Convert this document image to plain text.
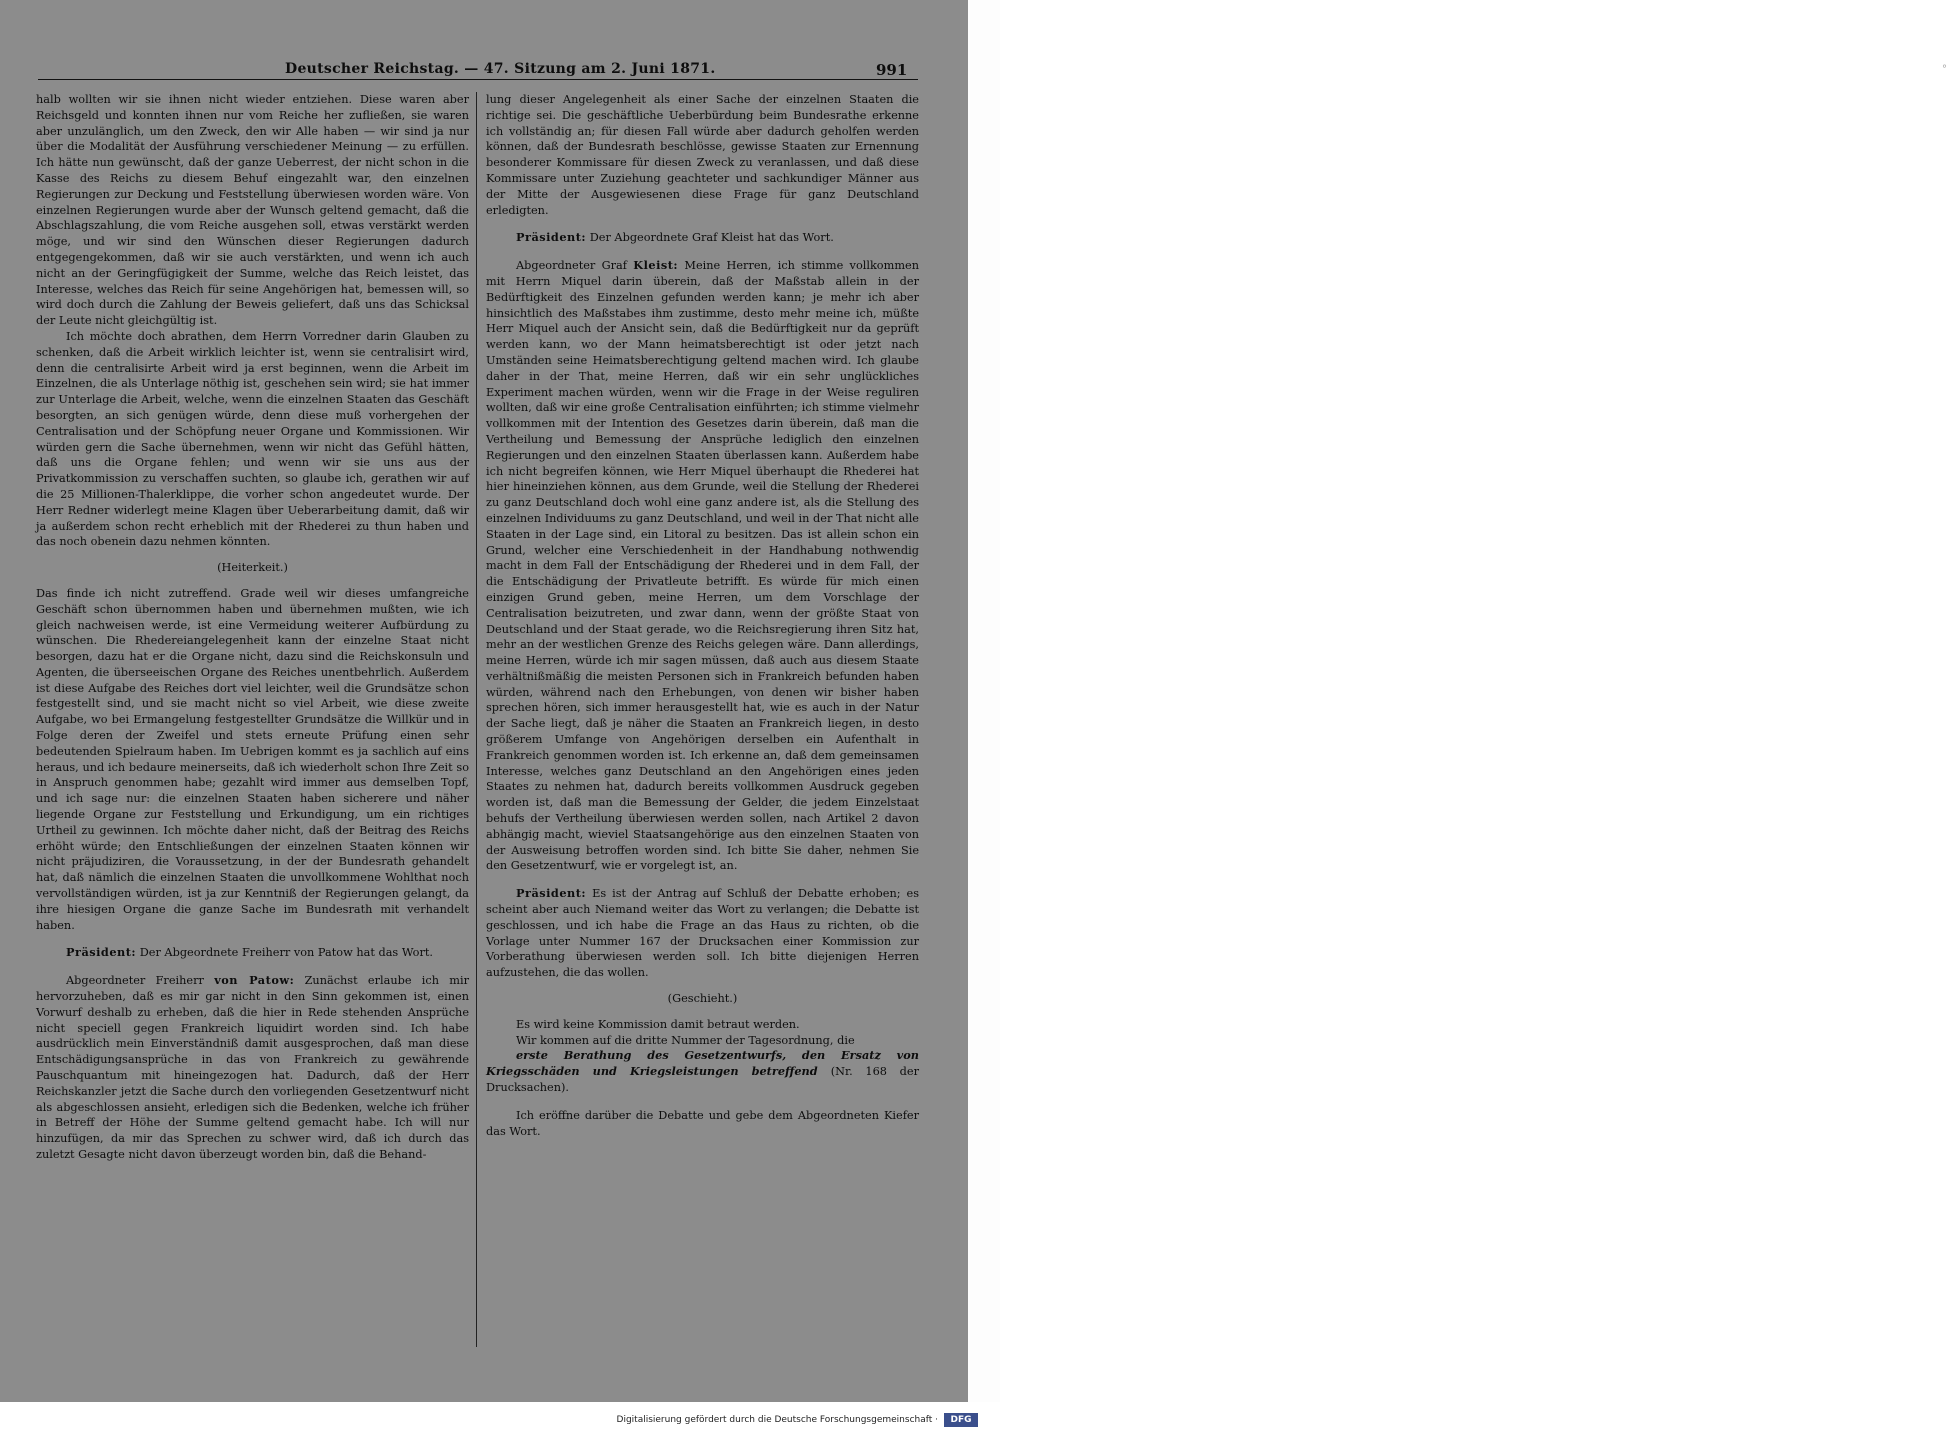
Deutscher Reichstag. — 47. Sitzung am 2. Juni 1871.	991

halb wollten wir sie ihnen nicht wieder entziehen. Diese waren aber Reichsgeld und konnten ihnen nur vom Reiche her zufließen, sie waren aber unzulänglich, um den Zweck, den wir Alle haben — wir sind ja nur über die Modalität der Ausführung verschiedener Meinung — zu erfüllen. Ich hätte nun gewünscht, daß der ganze Ueberrest, der nicht schon in die Kasse des Reichs zu diesem Behuf eingezahlt war, den einzelnen Regierungen zur Deckung und Feststellung überwiesen worden wäre. Von einzelnen Regierungen wurde aber der Wunsch geltend gemacht, daß die Abschlagszahlung, die vom Reiche ausgehen soll, etwas verstärkt werden möge, und wir sind den Wünschen dieser Regierungen dadurch entgegengekommen, daß wir sie auch verstärkten, und wenn ich auch nicht an der Geringfügigkeit der Summe, welche das Reich leistet, das Interesse, welches das Reich für seine Angehörigen hat, bemessen will, so wird doch durch die Zahlung der Beweis geliefert, daß uns das Schicksal der Leute nicht gleichgültig ist.

Ich möchte doch abrathen, dem Herrn Vorredner darin Glauben zu schenken, daß die Arbeit wirklich leichter ist, wenn sie centralisirt wird, denn die centralisirte Arbeit wird ja erst beginnen, wenn die Arbeit im Einzelnen, die als Unterlage nöthig ist, geschehen sein wird; sie hat immer zur Unterlage die Arbeit, welche, wenn die einzelnen Staaten das Geschäft besorgten, an sich genügen würde, denn diese muß vorhergehen der Centralisation und der Schöpfung neuer Organe und Kommissionen. Wir würden gern die Sache übernehmen, wenn wir nicht das Gefühl hätten, daß uns die Organe fehlen; und wenn wir sie uns aus der Privatkommission zu verschaffen suchten, so glaube ich, gerathen wir auf die 25 Millionen-Thalerklippe, die vorher schon angedeutet wurde. Der Herr Redner widerlegt meine Klagen über Ueberarbeitung damit, daß wir ja außerdem schon recht erheblich mit der Rhederei zu thun haben und das noch obenein dazu nehmen könnten.

(Heiterkeit.)

Das finde ich nicht zutreffend. Grade weil wir dieses umfangreiche Geschäft schon übernommen haben und übernehmen mußten, wie ich gleich nachweisen werde, ist eine Vermeidung weiterer Aufbürdung zu wünschen. Die Rhedereiangelegenheit kann der einzelne Staat nicht besorgen, dazu hat er die Organe nicht, dazu sind die Reichskonsuln und Agenten, die überseeischen Organe des Reiches unentbehrlich. Außerdem ist diese Aufgabe des Reiches dort viel leichter, weil die Grundsätze schon festgestellt sind, und sie macht nicht so viel Arbeit, wie diese zweite Aufgabe, wo bei Ermangelung festgestellter Grundsätze die Willkür und in Folge deren der Zweifel und stets erneute Prüfung einen sehr bedeutenden Spielraum haben. Im Uebrigen kommt es ja sachlich auf eins heraus, und ich bedaure meinerseits, daß ich wiederholt schon Ihre Zeit so in Anspruch genommen habe; gezahlt wird immer aus demselben Topf, und ich sage nur: die einzelnen Staaten haben sicherere und näher liegende Organe zur Feststellung und Erkundigung, um ein richtiges Urtheil zu gewinnen. Ich möchte daher nicht, daß der Beitrag des Reichs erhöht würde; den Entschließungen der einzelnen Staaten können wir nicht präjudiziren, die Voraussetzung, in der der Bundesrath gehandelt hat, daß nämlich die einzelnen Staaten die unvollkommene Wohlthat noch vervollständigen würden, ist ja zur Kenntniß der Regierungen gelangt, da ihre hiesigen Organe die ganze Sache im Bundesrath mit verhandelt haben.

Präsident: Der Abgeordnete Freiherr von Patow hat das Wort.

Abgeordneter Freiherr von Patow: Zunächst erlaube ich mir hervorzuheben, daß es mir gar nicht in den Sinn gekommen ist, einen Vorwurf deshalb zu erheben, daß die hier in Rede stehenden Ansprüche nicht speciell gegen Frankreich liquidirt worden sind. Ich habe ausdrücklich mein Einverständniß damit ausgesprochen, daß man diese Entschädigungsansprüche in das von Frankreich zu gewährende Pauschquantum mit hineingezogen hat. Dadurch, daß der Herr Reichskanzler jetzt die Sache durch den vorliegenden Gesetzentwurf nicht als abgeschlossen ansieht, erledigen sich die Bedenken, welche ich früher in Betreff der Höhe der Summe geltend gemacht habe. Ich will nur hinzufügen, da mir das Sprechen zu schwer wird, daß ich durch das zuletzt Gesagte nicht davon überzeugt worden bin, daß die Behand-

lung dieser Angelegenheit als einer Sache der einzelnen Staaten die richtige sei. Die geschäftliche Ueberbürdung beim Bundesrathe erkenne ich vollständig an; für diesen Fall würde aber dadurch geholfen werden können, daß der Bundesrath beschlösse, gewisse Staaten zur Ernennung besonderer Kommissare für diesen Zweck zu veranlassen, und daß diese Kommissare unter Zuziehung geachteter und sachkundiger Männer aus der Mitte der Ausgewiesenen diese Frage für ganz Deutschland erledigten.

Präsident: Der Abgeordnete Graf Kleist hat das Wort.

Abgeordneter Graf Kleist: Meine Herren, ich stimme vollkommen mit Herrn Miquel darin überein, daß der Maßstab allein in der Bedürftigkeit des Einzelnen gefunden werden kann; je mehr ich aber hinsichtlich des Maßstabes ihm zustimme, desto mehr meine ich, müßte Herr Miquel auch der Ansicht sein, daß die Bedürftigkeit nur da geprüft werden kann, wo der Mann heimatsberechtigt ist oder jetzt nach Umständen seine Heimatsberechtigung geltend machen wird. Ich glaube daher in der That, meine Herren, daß wir ein sehr unglückliches Experiment machen würden, wenn wir die Frage in der Weise reguliren wollten, daß wir eine große Centralisation einführten; ich stimme vielmehr vollkommen mit der Intention des Gesetzes darin überein, daß man die Vertheilung und Bemessung der Ansprüche lediglich den einzelnen Regierungen und den einzelnen Staaten überlassen kann. Außerdem habe ich nicht begreifen können, wie Herr Miquel überhaupt die Rhederei hat hier hineinziehen können, aus dem Grunde, weil die Stellung der Rhederei zu ganz Deutschland doch wohl eine ganz andere ist, als die Stellung des einzelnen Individuums zu ganz Deutschland, und weil in der That nicht alle Staaten in der Lage sind, ein Litoral zu besitzen. Das ist allein schon ein Grund, welcher eine Verschiedenheit in der Handhabung nothwendig macht in dem Fall der Entschädigung der Rhederei und in dem Fall, der die Entschädigung der Privatleute betrifft. Es würde für mich einen einzigen Grund geben, meine Herren, um dem Vorschlage der Centralisation beizutreten, und zwar dann, wenn der größte Staat von Deutschland und der Staat gerade, wo die Reichsregierung ihren Sitz hat, mehr an der westlichen Grenze des Reichs gelegen wäre. Dann allerdings, meine Herren, würde ich mir sagen müssen, daß auch aus diesem Staate verhältnißmäßig die meisten Personen sich in Frankreich befunden haben würden, während nach den Erhebungen, von denen wir bisher haben sprechen hören, sich immer herausgestellt hat, wie es auch in der Natur der Sache liegt, daß je näher die Staaten an Frankreich liegen, in desto größerem Umfange von Angehörigen derselben ein Aufenthalt in Frankreich genommen worden ist. Ich erkenne an, daß dem gemeinsamen Interesse, welches ganz Deutschland an den Angehörigen eines jeden Staates zu nehmen hat, dadurch bereits vollkommen Ausdruck gegeben worden ist, daß man die Bemessung der Gelder, die jedem Einzelstaat behufs der Vertheilung überwiesen werden sollen, nach Artikel 2 davon abhängig macht, wieviel Staatsangehörige aus den einzelnen Staaten von der Ausweisung betroffen worden sind. Ich bitte Sie daher, nehmen Sie den Gesetzentwurf, wie er vorgelegt ist, an.

Präsident: Es ist der Antrag auf Schluß der Debatte erhoben; es scheint aber auch Niemand weiter das Wort zu verlangen; die Debatte ist geschlossen, und ich habe die Frage an das Haus zu richten, ob die Vorlage unter Nummer 167 der Drucksachen einer Kommission zur Vorberathung überwiesen werden soll. Ich bitte diejenigen Herren aufzustehen, die das wollen.

(Geschieht.)

Es wird keine Kommission damit betraut werden.

Wir kommen auf die dritte Nummer der Tagesordnung, die

erste Berathung des Gesetzentwurfs, den Ersatz von Kriegsschäden und Kriegsleistungen betreffend (Nr. 168 der Drucksachen).

Ich eröffne darüber die Debatte und gebe dem Abgeordneten Kiefer das Wort.

°
Digitalisierung gefördert durch die Deutsche Forschungsgemeinschaft ·	DFG
